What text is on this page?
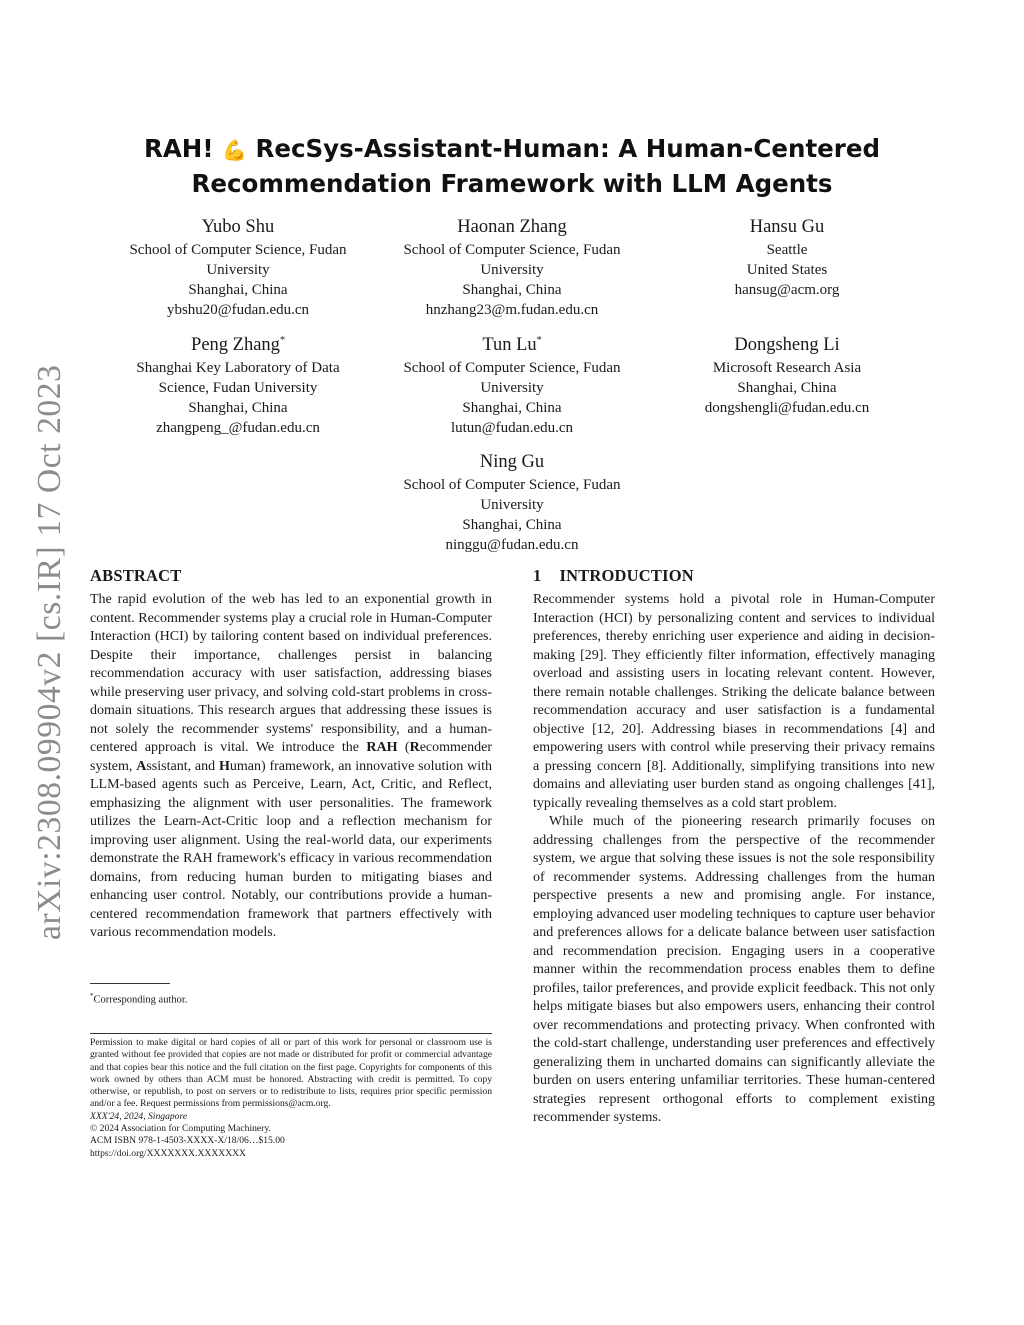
arXiv:2308.09904v2 [cs.IR] 17 Oct 2023
RAH! 💪 RecSys-Assistant-Human: A Human-Centered
Recommendation Framework with LLM Agents
Yubo Shu
School of Computer Science, Fudan
University
Shanghai, China
ybshu20@fudan.edu.cn
Haonan Zhang
School of Computer Science, Fudan
University
Shanghai, China
hnzhang23@m.fudan.edu.cn
Hansu Gu
Seattle
United States
hansug@acm.org
Peng Zhang*
Shanghai Key Laboratory of Data
Science, Fudan University
Shanghai, China
zhangpeng_@fudan.edu.cn
Tun Lu*
School of Computer Science, Fudan
University
Shanghai, China
lutun@fudan.edu.cn
Dongsheng Li
Microsoft Research Asia
Shanghai, China
dongshengli@fudan.edu.cn
Ning Gu
School of Computer Science, Fudan
University
Shanghai, China
ninggu@fudan.edu.cn
ABSTRACT

The rapid evolution of the web has led to an exponential growth in content. Recommender systems play a crucial role in Human-Computer Interaction (HCI) by tailoring content based on individual preferences. Despite their importance, challenges persist in balancing recommendation accuracy with user satisfaction, addressing biases while preserving user privacy, and solving cold-start problems in cross-domain situations. This research argues that addressing these issues is not solely the recommender systems' responsibility, and a human-centered approach is vital. We introduce the RAH (Recommender system, Assistant, and Human) framework, an innovative solution with LLM-based agents such as Perceive, Learn, Act, Critic, and Reflect, emphasizing the alignment with user personalities. The framework utilizes the Learn-Act-Critic loop and a reflection mechanism for improving user alignment. Using the real-world data, our experiments demonstrate the RAH framework's efficacy in various recommendation domains, from reducing human burden to mitigating biases and enhancing user control. Notably, our contributions provide a human-centered recommendation framework that partners effectively with various recommendation models.

*Corresponding author.

Permission to make digital or hard copies of all or part of this work for personal or classroom use is granted without fee provided that copies are not made or distributed for profit or commercial advantage and that copies bear this notice and the full citation on the first page. Copyrights for components of this work owned by others than ACM must be honored. Abstracting with credit is permitted. To copy otherwise, or republish, to post on servers or to redistribute to lists, requires prior specific permission and/or a fee. Request permissions from permissions@acm.org.

XXX'24, 2024, Singapore

© 2024 Association for Computing Machinery.

ACM ISBN 978-1-4503-XXXX-X/18/06…$15.00

https://doi.org/XXXXXXX.XXXXXXX

1 INTRODUCTION

Recommender systems hold a pivotal role in Human-Computer Interaction (HCI) by personalizing content and services to individual preferences, thereby enriching user experience and aiding in decision-making [29]. They efficiently filter information, effectively managing overload and assisting users in locating relevant content. However, there remain notable challenges. Striking the delicate balance between recommendation accuracy and user satisfaction is a fundamental objective [12, 20]. Addressing biases in recommendations [4] and empowering users with control while preserving their privacy remains a pressing concern [8]. Additionally, simplifying transitions into new domains and alleviating user burden stand as ongoing challenges [41], typically revealing themselves as a cold start problem.

While much of the pioneering research primarily focuses on addressing challenges from the perspective of the recommender system, we argue that solving these issues is not the sole responsibility of recommender systems. Addressing challenges from the human perspective presents a new and promising angle. For instance, employing advanced user modeling techniques to capture user behavior and preferences allows for a delicate balance between user satisfaction and recommendation precision. Engaging users in a cooperative manner within the recommendation process enables them to define profiles, tailor preferences, and provide explicit feedback. This not only helps mitigate biases but also empowers users, enhancing their control over recommendations and protecting privacy. When confronted with the cold-start challenge, understanding user preferences and effectively generalizing them in uncharted domains can significantly alleviate the burden on users entering unfamiliar territories. These human-centered strategies represent orthogonal efforts to complement existing recommender systems.
